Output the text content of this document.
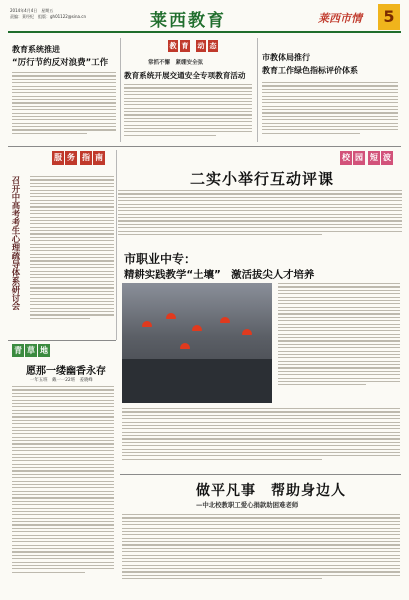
2014年4月4日　星期五
责编：莱经纪　组版：gh01122@sina.cn	莱西教育	莱西市情	5
教育系统推进
“厉行节约反对浪费”工作
教 育 动 态
常抓不懈　紧绷安全弦
教育系统开展交通安全专项教育活动
市教体局推行
教育工作绿色指标评价体系
校 园 短 波
二实小举行互动评课
服 务 指 南
召开中高考考生心理疏导体系研讨会	市职业中专：
精耕实践教学“土壤”　激活拔尖人才培养
青 草 地
愿那一缕幽香永存
一年五班　戴一一22班　姜晓峰
做平凡事　帮助身边人
—中北校教职工爱心捐款助困难老师
